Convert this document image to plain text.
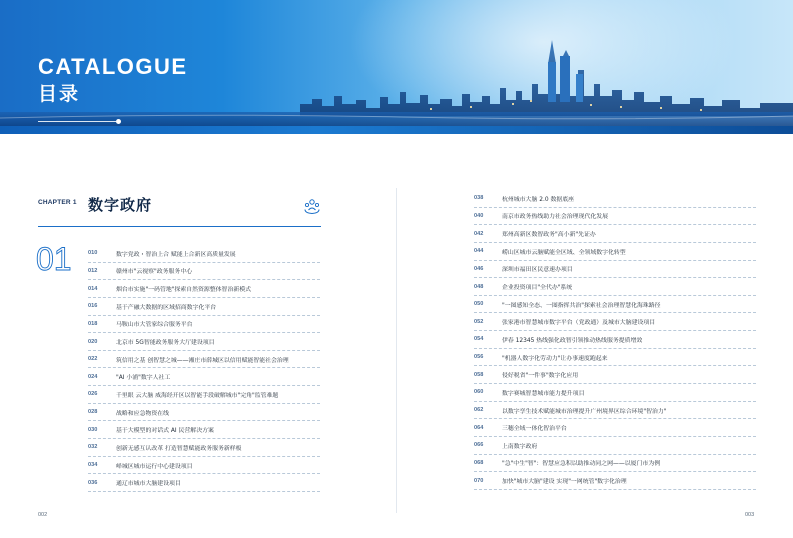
CATALOGUE
目录
CHAPTER 1 数字政府
01	010	数字党政・智治上合 赋能上合新区高质量发展
012	赣州市"云视察"政务服务中心
014	烟台市实施"一码管地"探索自然资源整体智治新模式
016	基于产融大数据的区域招商数字化平台
018	马鞍山市大管家综合服务平台
020	北京市 5G智能政务服务大厅建设项目
022	筑信用之基 创智慧之城——湘庄市薛城区以信用赋能智能社会治理
024	"AI 小浦"数字人社工
026	千里眼 云大脑 威海经开区以智能手段破解城市"完角"监管难题
028	战略和应急物资在线
030	基于大模型的对话式 AI 民营解决方案
032	创新无感互认改革 打造智慧赋能政务服务新样板
034	峄城区城市运行中心建设项目
036	通辽市城市大脑建设项目
038	杭州城市大脑 2.0 数据底座
040	南京市政务热线助力社会治理现代化发展
042	郑州高新区数智政务"高小新"先证办
044	崂山区城市云脑赋能全区域、全领域数字化转型
046	深圳市福田区民意速办项目
048	企业投资项目"全代办"系统
050	"一图感知全态、一图指挥共治"探索社会治理智慧化海珠路径
052	张家港市智慧城市数字平台（党政通）及城市大脑建设项目
054	伊春 12345 热线强化政智引领推动热线服务提质增效
056	"机器人数字化劳动力"让办事速度跑起来
058	侵好税省"一件事"数字化应用
060	数字赛城智慧城市能力提升项目
062	以数字孪生技术赋能城市治理提升广州境界区综合环境"智治力"
064	三穗全域一体化智治平台
066	上南数字政府
068	"急"中生"智"：智慧应急积以助推动同之网——以厦门市为例
070	加快"城市大脑"建设 实现"一网统管"数字化治理
002	003
